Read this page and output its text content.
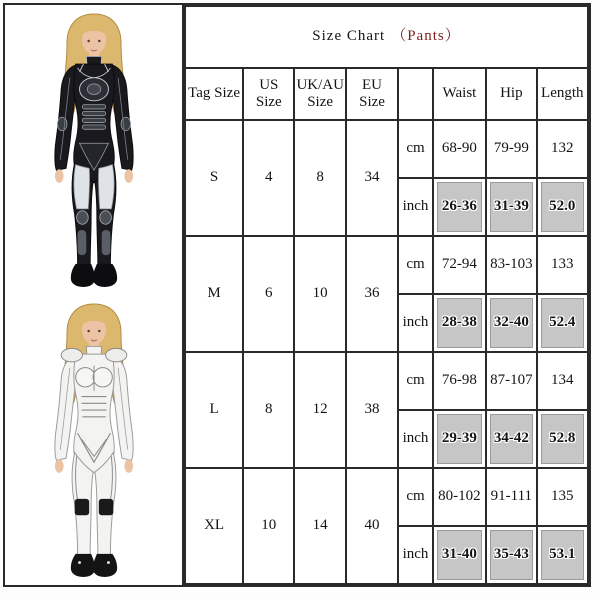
Size Chart （Pants）							
Tag Size	US Size	UK/AU Size	EU Size		Waist	Hip	Length
S	4	8	34	cm	68-90	79-99	132
				inch	26-36	31-39	52.0
M	6	10	36	cm	72-94	83-103	133
				inch	28-38	32-40	52.4
L	8	12	38	cm	76-98	87-107	134
				inch	29-39	34-42	52.8
XL	10	14	40	cm	80-102	91-111	135
				inch	31-40	35-43	53.1
